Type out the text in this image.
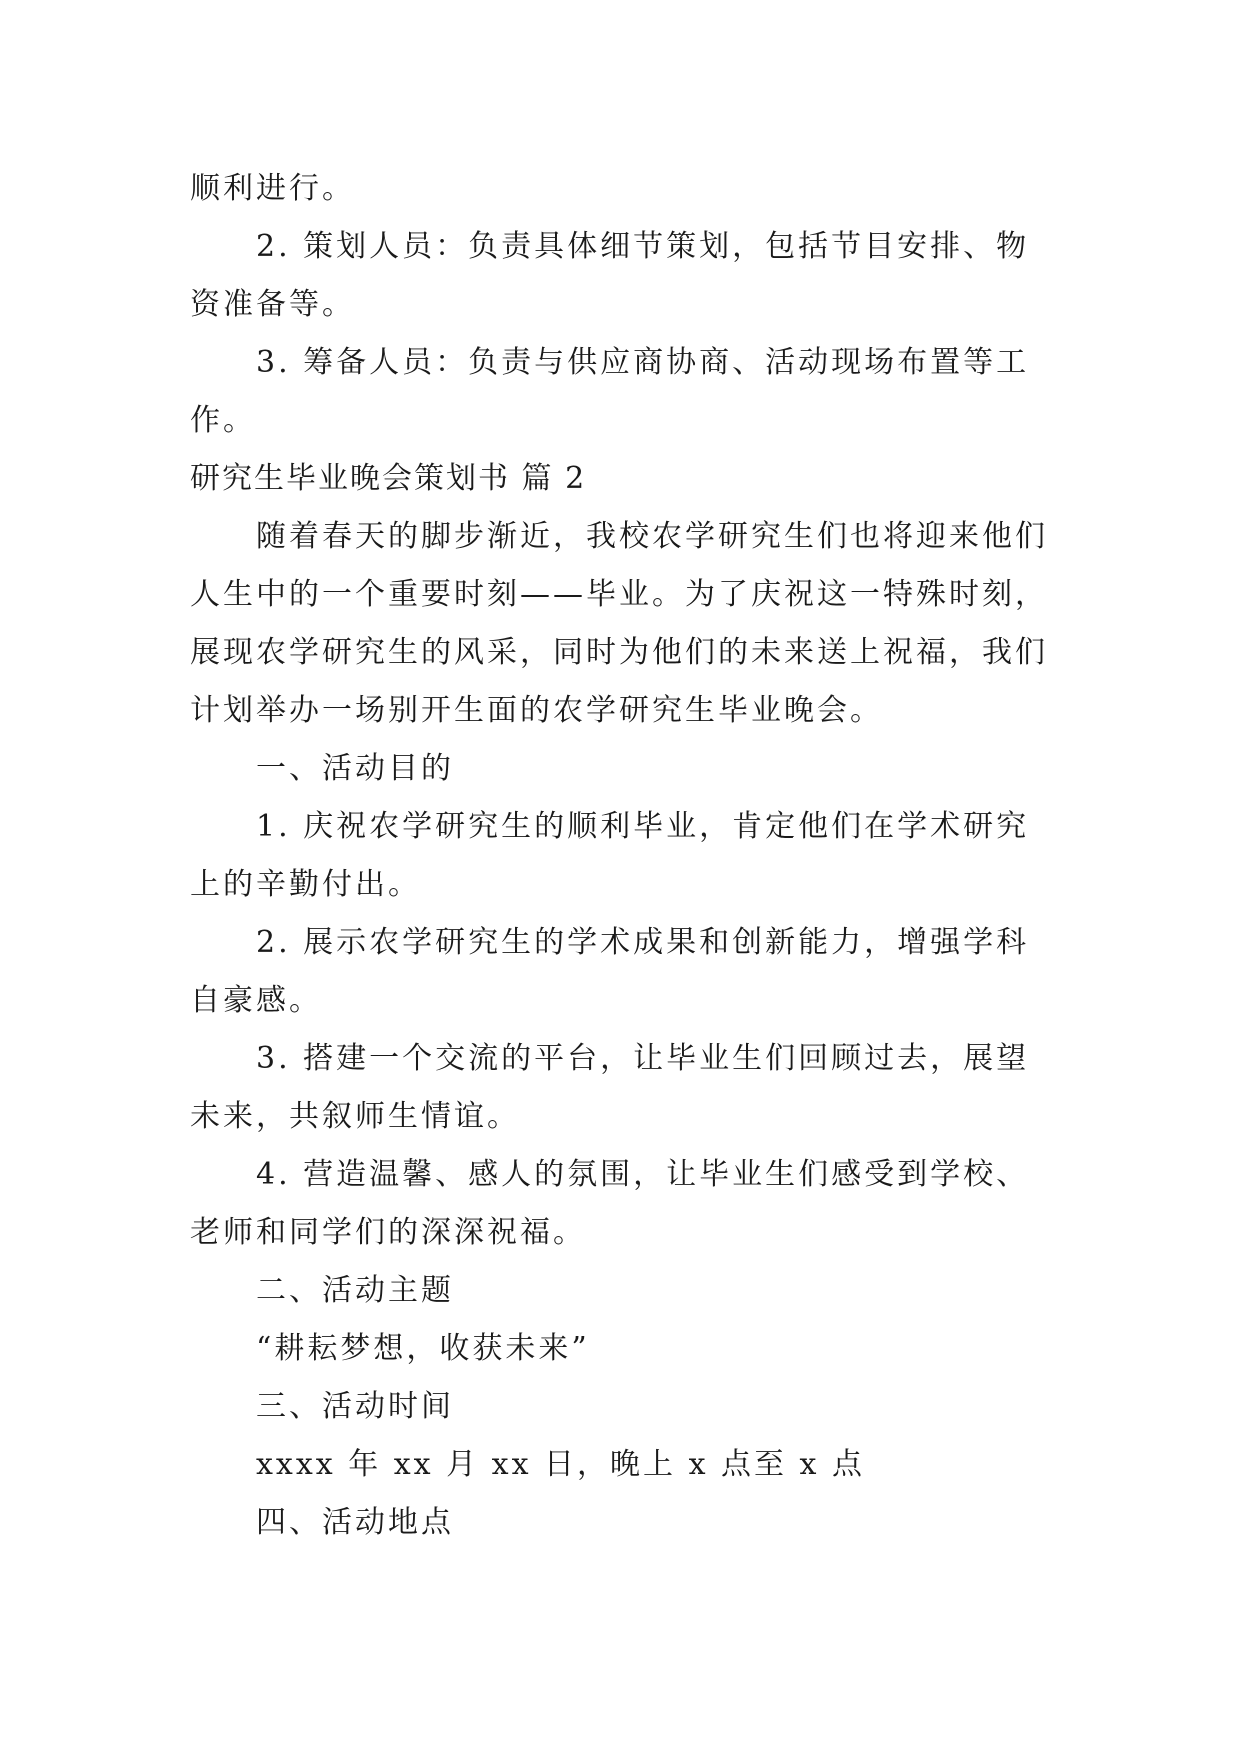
顺利进行。
2. 策划人员：负责具体细节策划，包括节目安排、物
资准备等。
3. 筹备人员：负责与供应商协商、活动现场布置等工
作。
研究生毕业晚会策划书 篇 2
随着春天的脚步渐近，我校农学研究生们也将迎来他们
人生中的一个重要时刻——毕业。为了庆祝这一特殊时刻，
展现农学研究生的风采，同时为他们的未来送上祝福，我们
计划举办一场别开生面的农学研究生毕业晚会。
一、活动目的
1. 庆祝农学研究生的顺利毕业，肯定他们在学术研究
上的辛勤付出。
2. 展示农学研究生的学术成果和创新能力，增强学科
自豪感。
3. 搭建一个交流的平台，让毕业生们回顾过去，展望
未来，共叙师生情谊。
4. 营造温馨、感人的氛围，让毕业生们感受到学校、
老师和同学们的深深祝福。
二、活动主题
“耕耘梦想，收获未来”
三、活动时间
xxxx 年 xx 月 xx 日，晚上 x 点至 x 点
四、活动地点
